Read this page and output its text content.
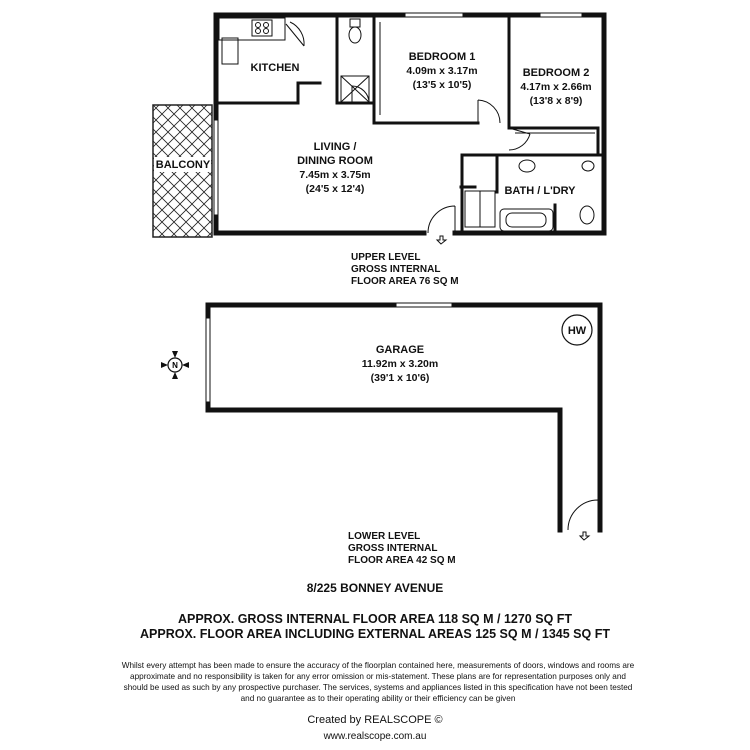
KITCHEN
BEDROOM 1
4.09m x 3.17m
(13'5 x 10'5)
BEDROOM 2
4.17m x 2.66m
(13'8 x 8'9)
BALCONY
LIVING /
DINING ROOM
7.45m x 3.75m
(24'5 x 12'4)	BATH / L'DRY
HW
N
GARAGE
11.92m x 3.20m
(39'1 x 10'6)
UPPER LEVEL
GROSS INTERNAL
FLOOR AREA 76 SQ M
LOWER LEVEL
GROSS INTERNAL
FLOOR AREA 42 SQ M
8/225 BONNEY AVENUE
APPROX. GROSS INTERNAL FLOOR AREA 118 SQ M / 1270 SQ FT
APPROX. FLOOR AREA INCLUDING EXTERNAL AREAS 125 SQ M / 1345 SQ FT
Whilst every attempt has been made to ensure the accuracy of the floorplan contained here, measurements of doors, windows and rooms are approximate and no responsibility is taken for any error omission or mis-statement. These plans are for representation purposes only and should be used as such by any prospective purchaser. The services, systems and appliances listed in this specification have not been tested and no guarantee as to their operating ability or their efficiency can be given
Created by REALSCOPE ©
www.realscope.com.au
